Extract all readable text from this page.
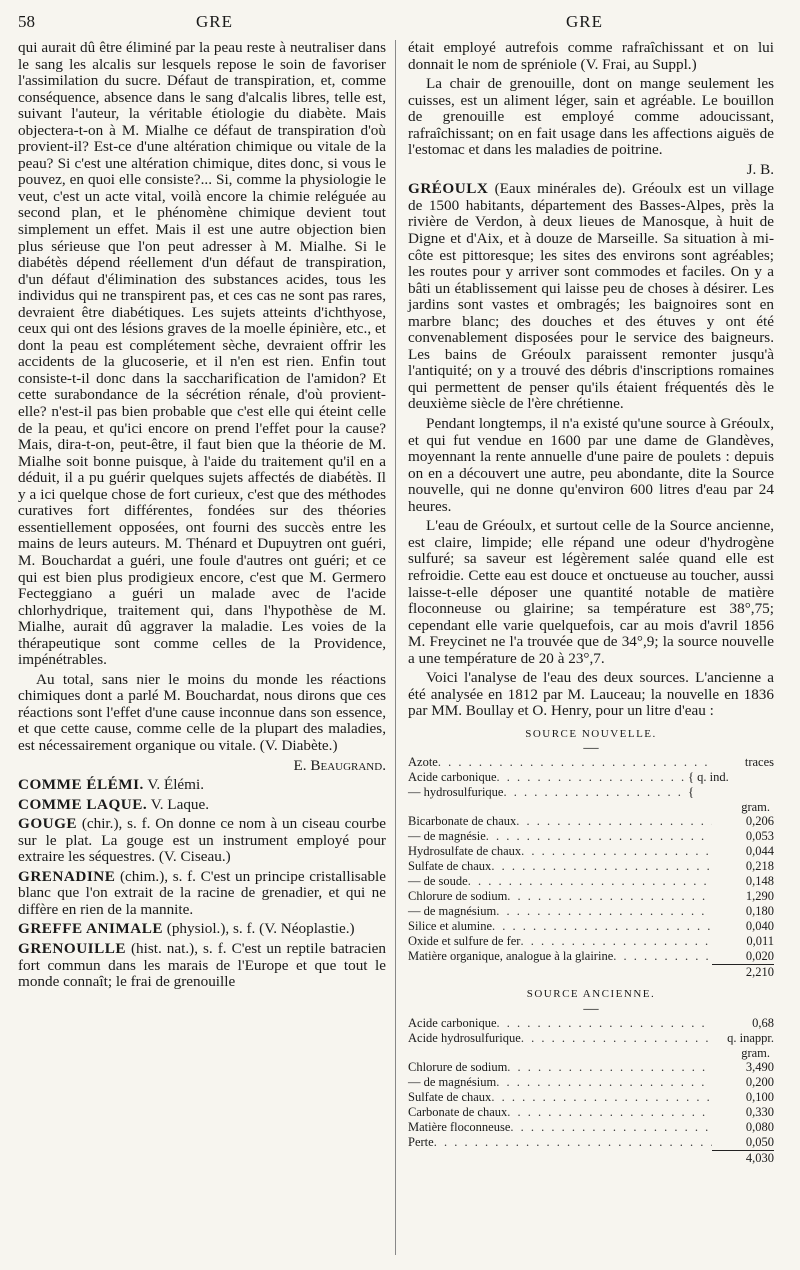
58	GRE	GRE

qui aurait dû être éliminé par la peau reste à neutraliser dans le sang les alcalis sur lesquels repose le soin de favoriser l'assimilation du sucre. Défaut de transpiration, et, comme conséquence, absence dans le sang d'alcalis libres, telle est, suivant l'auteur, la véritable étiologie du diabète. Mais objectera-t-on à M. Mialhe ce défaut de transpiration d'où provient-il? Est-ce d'une altération chimique ou vitale de la peau? Si c'est une altération chimique, dites donc, si vous le pouvez, en quoi elle consiste?... Si, comme la physiologie le veut, c'est un acte vital, voilà encore la chimie reléguée au second plan, et le phénomène chimique devient tout simplement un effet. Mais il est une autre objection bien plus sérieuse que l'on peut adresser à M. Mialhe. Si le diabétès dépend réellement d'un défaut de transpiration, d'un défaut d'élimination des substances acides, tous les individus qui ne transpirent pas, et ces cas ne sont pas rares, devraient être diabétiques. Les sujets atteints d'ichthyose, ceux qui ont des lésions graves de la moelle épinière, etc., et dont la peau est complétement sèche, devraient offrir les accidents de la glucoserie, et il n'en est rien. Enfin tout consiste-t-il donc dans la saccharification de l'amidon? Et cette surabondance de la sécrétion rénale, d'où provient-elle? n'est-il pas bien probable que c'est elle qui éteint celle de la peau, et qu'ici encore on prend l'effet pour la cause? Mais, dira-t-on, peut-être, il faut bien que la théorie de M. Mialhe soit bonne puisque, à l'aide du traitement qu'il en a déduit, il a pu guérir quelques sujets affectés de diabétès. Il y a ici quelque chose de fort curieux, c'est que des méthodes curatives fort différentes, fondées sur des théories essentiellement opposées, ont fourni des succès entre les mains de leurs auteurs. M. Thénard et Dupuytren ont guéri, M. Bouchardat a guéri, une foule d'autres ont guéri; et ce qui est bien plus prodigieux encore, c'est que M. Germero Fecteggiano a guéri un malade avec de l'acide chlorhydrique, traitement qui, dans l'hypothèse de M. Mialhe, aurait dû aggraver la maladie. Les voies de la thérapeutique sont comme celles de la Providence, impénétrables.

Au total, sans nier le moins du monde les réactions chimiques dont a parlé M. Bouchardat, nous dirons que ces réactions sont l'effet d'une cause inconnue dans son essence, et que cette cause, comme celle de la plupart des maladies, est nécessairement organique ou vitale. (V. Diabète.)

E. Beaugrand.

COMME ÉLÉMI. V. Élémi.

COMME LAQUE. V. Laque.

GOUGE (chir.), s. f. On donne ce nom à un ciseau courbe sur le plat. La gouge est un instrument employé pour extraire les séquestres. (V. Ciseau.)

GRENADINE (chim.), s. f. C'est un principe cristallisable blanc que l'on extrait de la racine de grenadier, et qui ne diffère en rien de la mannite.

GREFFE ANIMALE (physiol.), s. f. (V. Néoplastie.)

GRENOUILLE (hist. nat.), s. f. C'est un reptile batracien fort commun dans les marais de l'Europe et que tout le monde connaît; le frai de grenouille

était employé autrefois comme rafraîchissant et on lui donnait le nom de spréniole (V. Frai, au Suppl.)

La chair de grenouille, dont on mange seulement les cuisses, est un aliment léger, sain et agréable. Le bouillon de grenouille est employé comme adoucissant, rafraîchissant; on en fait usage dans les affections aiguës de l'estomac et dans les maladies de poitrine.

J. B.

GRÉOULX (Eaux minérales de). Gréoulx est un village de 1500 habitants, département des Basses-Alpes, près la rivière de Verdon, à deux lieues de Manosque, à huit de Digne et d'Aix, et à douze de Marseille. Sa situation à mi-côte est pittoresque; les sites des environs sont agréables; les routes pour y arriver sont commodes et faciles. On y a bâti un établissement qui laisse peu de choses à désirer. Les jardins sont vastes et ombragés; les baignoires sont en marbre blanc; des douches et des étuves y ont été convenablement disposées pour le service des baigneurs. Les bains de Gréoulx paraissent remonter jusqu'à l'antiquité; on y a trouvé des débris d'inscriptions romaines qui permettent de penser qu'ils étaient fréquentés dès le deuxième siècle de l'ère chrétienne.

Pendant longtemps, il n'a existé qu'une source à Gréoulx, et qui fut vendue en 1600 par une dame de Glandèves, moyennant la rente annuelle d'une paire de poulets : depuis on en a découvert une autre, peu abondante, dite la Source nouvelle, qui ne donne qu'environ 600 litres d'eau par 24 heures.

L'eau de Gréoulx, et surtout celle de la Source ancienne, est claire, limpide; elle répand une odeur d'hydrogène sulfuré; sa saveur est légèrement salée quand elle est refroidie. Cette eau est douce et onctueuse au toucher, aussi laisse-t-elle déposer une quantité notable de matière floconneuse ou glairine; sa température est 38°,75; cependant elle varie quelquefois, car au mois d'avril 1856 M. Freycinet ne l'a trouvée que de 34°,9; la source nouvelle a une température de 20 à 23°,7.

Voici l'analyse de l'eau des deux sources. L'ancienne a été analysée en 1812 par M. Lauceau; la nouvelle en 1836 par MM. Boullay et O. Henry, pour un litre d'eau :

SOURCE NOUVELLE.
—
Azote . . .	traces
Acide carbonique . . .	{ q. ind.
— hydrosulfurique . . .	{
gram.
Bicarbonate de chaux . . .	0,206
— de magnésie . . .	0,053
Hydrosulfate de chaux . . .	0,044
Sulfate de chaux . . .	0,218
— de soude . . .	0,148
Chlorure de sodium . . .	1,290
— de magnésium . . .	0,180
Silice et alumine . . .	0,040
Oxide et sulfure de fer . . .	0,011
Matière organique, analogue à la glairine . . .	0,020
2,210
SOURCE ANCIENNE.
—
Acide carbonique . . .	0,68
Acide hydrosulfurique . . .	q. inappr.
gram.
Chlorure de sodium . . .	3,490
— de magnésium . . .	0,200
Sulfate de chaux . . .	0,100
Carbonate de chaux . . .	0,330
Matière floconneuse . . .	0,080
Perte . . .	0,050
4,030
